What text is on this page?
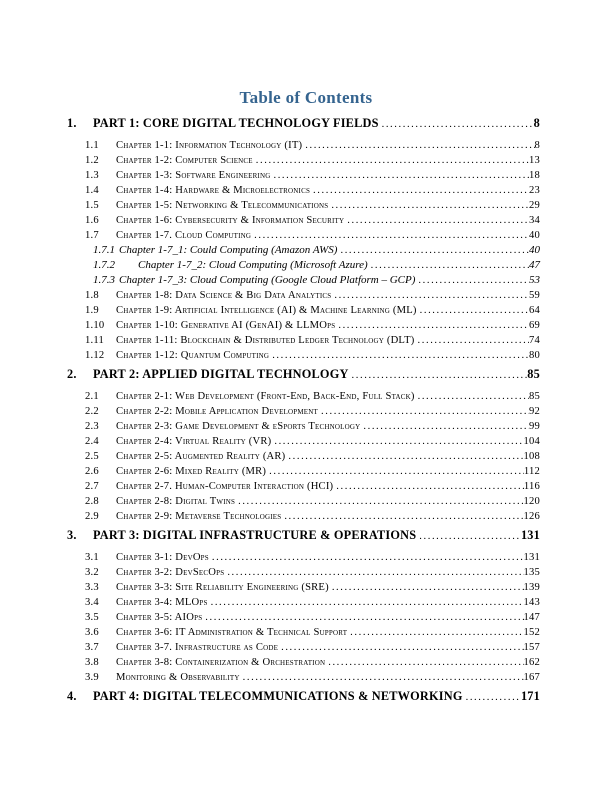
Table of Contents
1.	PART 1: CORE DIGITAL TECHNOLOGY FIELDS .....	8
1.1	Chapter 1-1: Information Technology (IT) .....	8
1.2	Chapter 1-2: Computer Science .....	13
1.3	Chapter 1-3: Software Engineering .....	18
1.4	Chapter 1-4: Hardware & Microelectronics .....	23
1.5	Chapter 1-5: Networking & Telecommunications .....	29
1.6	Chapter 1-6: Cybersecurity & Information Security .....	34
1.7	Chapter 1-7. Cloud Computing .....	40
1.7.1 Chapter 1-7_1: Could Computing (Amazon AWS) .....	40
1.7.2	Chapter 1-7_2: Cloud Computing (Microsoft Azure) .....	47
1.7.3 Chapter 1-7_3: Cloud Computing (Google Cloud Platform – GCP) .....	53
1.8	Chapter 1-8: Data Science & Big Data Analytics .....	59
1.9	Chapter 1-9: Artificial Intelligence (AI) & Machine Learning (ML) .....	64
1.10	Chapter 1-10: Generative AI (GenAI) & LLMOps .....	69
1.11	Chapter 1-11: Blockchain & Distributed Ledger Technology (DLT) .....	74
1.12	Chapter 1-12: Quantum Computing .....	80
2.	PART 2: APPLIED DIGITAL TECHNOLOGY .....	85
2.1	Chapter 2-1: Web Development (Front-End, Back-End, Full Stack) .....	85
2.2	Chapter 2-2: Mobile Application Development .....	92
2.3	Chapter 2-3: Game Development & eSports Technology .....	99
2.4	Chapter 2-4: Virtual Reality (VR) .....	104
2.5	Chapter 2-5: Augmented Reality (AR) .....	108
2.6	Chapter 2-6: Mixed Reality (MR) .....	112
2.7	Chapter 2-7. Human-Computer Interaction (HCI) .....	116
2.8	Chapter 2-8: Digital Twins .....	120
2.9	Chapter 2-9: Metaverse Technologies .....	126
3.	PART 3: DIGITAL INFRASTRUCTURE & OPERATIONS .....	131
3.1	Chapter 3-1: DevOps .....	131
3.2	Chapter 3-2: DevSecOps .....	135
3.3	Chapter 3-3: Site Reliability Engineering (SRE) .....	139
3.4	Chapter 3-4: MLOps .....	143
3.5	Chapter 3-5: AIOps .....	147
3.6	Chapter 3-6: IT Administration & Technical Support .....	152
3.7	Chapter 3-7. Infrastructure as Code .....	157
3.8	Chapter 3-8: Containerization & Orchestration .....	162
3.9	Monitoring & Observability .....	167
4.	PART 4: DIGITAL TELECOMMUNICATIONS & NETWORKING .....	171
